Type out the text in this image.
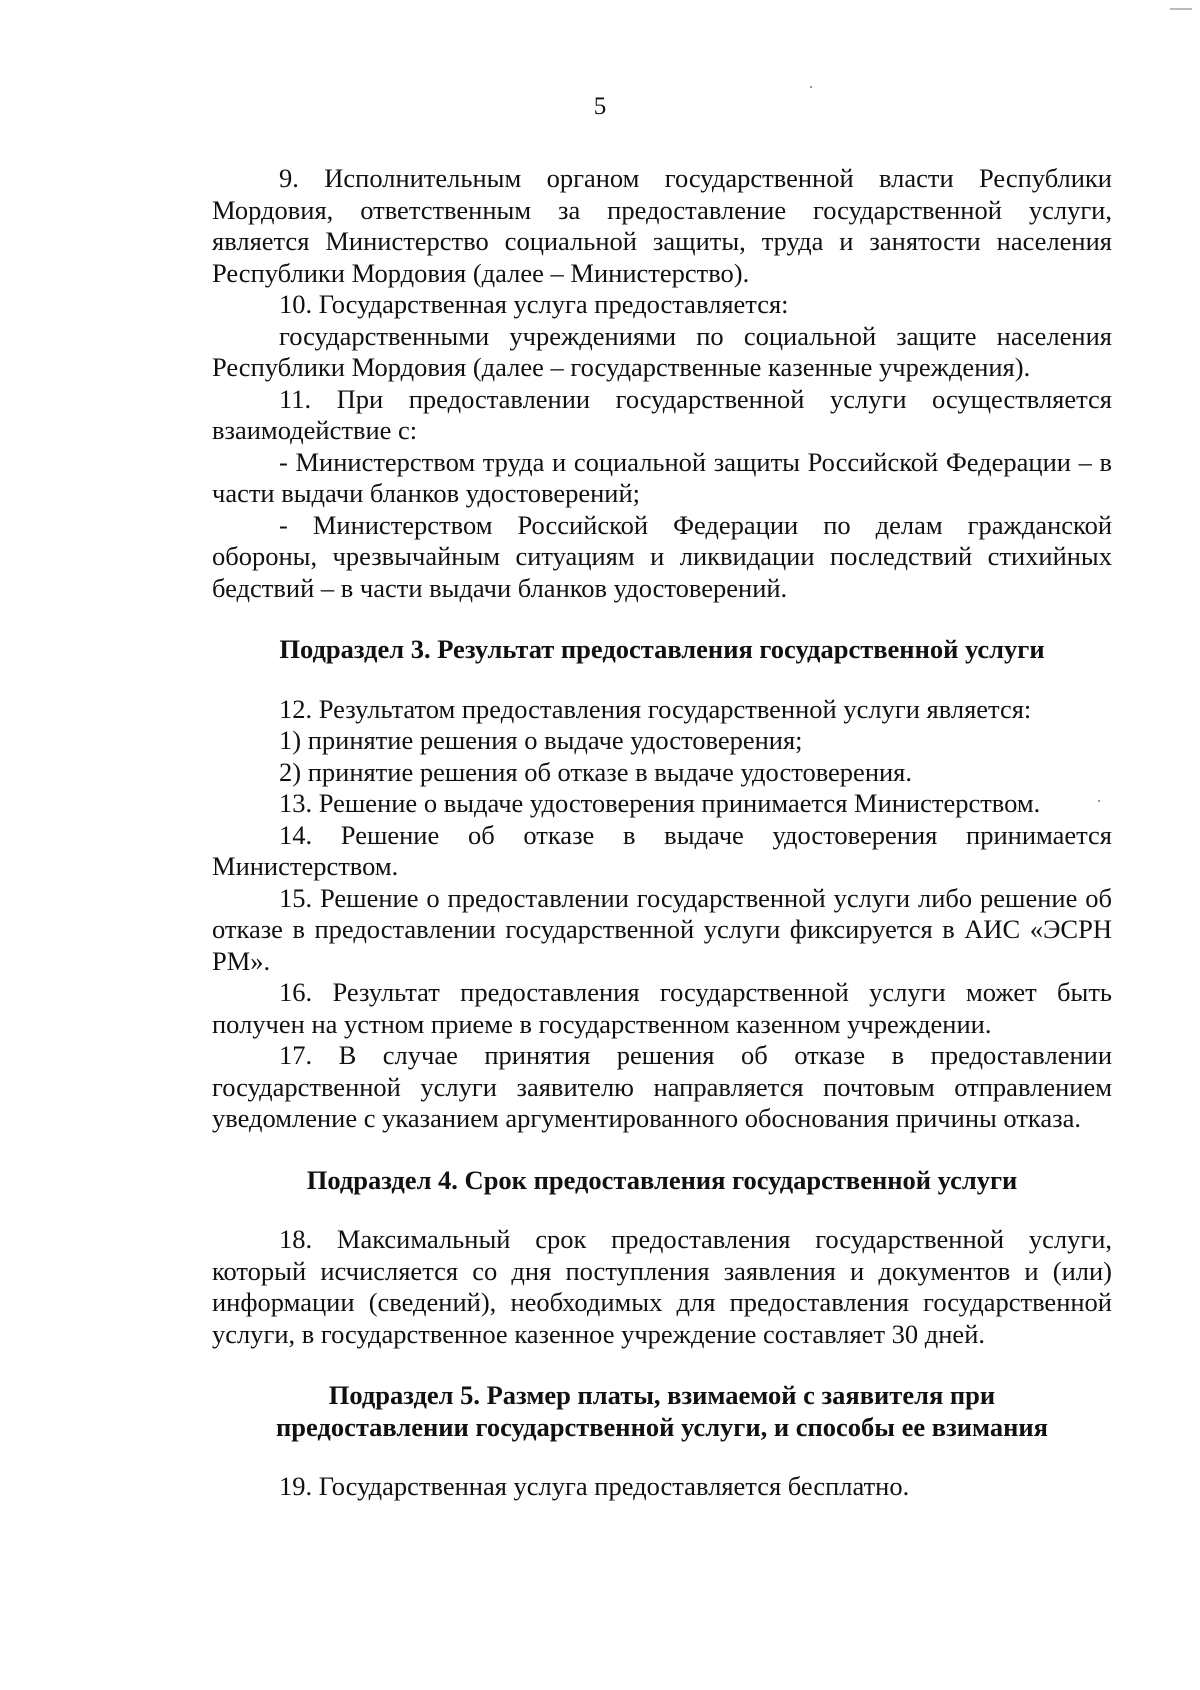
5

9. Исполнительным органом государственной власти Республики Мордовия, ответственным за предоставление государственной услуги, является Министерство социальной защиты, труда и занятости населения Республики Мордовия (далее – Министерство).

10. Государственная услуга предоставляется:

государственными учреждениями по социальной защите населения Республики Мордовия (далее – государственные казенные учреждения).

11. При предоставлении государственной услуги осуществляется взаимодействие с:

- Министерством труда и социальной защиты Российской Федерации – в части выдачи бланков удостоверений;

- Министерством Российской Федерации по делам гражданской обороны, чрезвычайным ситуациям и ликвидации последствий стихийных бедствий – в части выдачи бланков удостоверений.

Подраздел 3. Результат предоставления государственной услуги

12. Результатом предоставления государственной услуги является:

1) принятие решения о выдаче удостоверения;

2) принятие решения об отказе в выдаче удостоверения.

13. Решение о выдаче удостоверения принимается Министерством.

14. Решение об отказе в выдаче удостоверения принимается Министерством.

15. Решение о предоставлении государственной услуги либо решение об отказе в предоставлении государственной услуги фиксируется в АИС «ЭСРН РМ».

16. Результат предоставления государственной услуги может быть получен на устном приеме в государственном казенном учреждении.

17. В случае принятия решения об отказе в предоставлении государственной услуги заявителю направляется почтовым отправлением уведомление с указанием аргументированного обоснования причины отказа.

Подраздел 4. Срок предоставления государственной услуги

18. Максимальный срок предоставления государственной услуги, который исчисляется со дня поступления заявления и документов и (или) информации (сведений), необходимых для предоставления государственной услуги, в государственное казенное учреждение составляет 30 дней.

Подраздел 5. Размер платы, взимаемой с заявителя при

предоставлении государственной услуги, и способы ее взимания

19. Государственная услуга предоставляется бесплатно.
